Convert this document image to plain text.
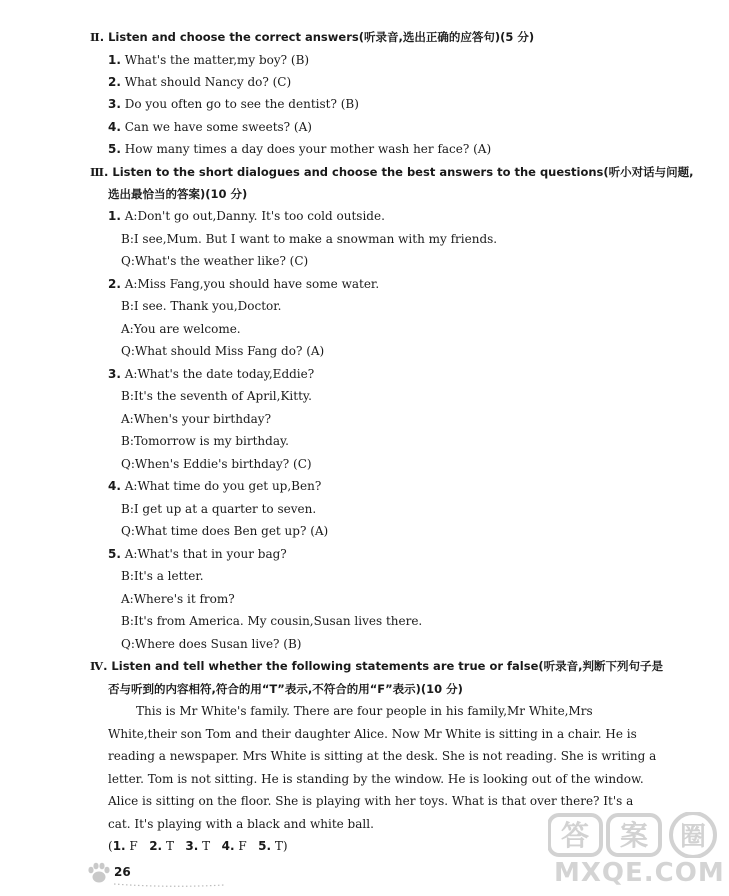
Ⅱ. Listen and choose the correct answers(听录音,选出正确的应答句)(5 分)
1. What's the matter,my boy? (B)
2. What should Nancy do? (C)
3. Do you often go to see the dentist? (B)
4. Can we have some sweets? (A)
5. How many times a day does your mother wash her face? (A)
Ⅲ. Listen to the short dialogues and choose the best answers to the questions(听小对话与问题,
选出最恰当的答案)(10 分)
1. A:Don't go out,Danny. It's too cold outside.
B:I see,Mum. But I want to make a snowman with my friends.
Q:What's the weather like? (C)
2. A:Miss Fang,you should have some water.
B:I see. Thank you,Doctor.
A:You are welcome.
Q:What should Miss Fang do? (A)
3. A:What's the date today,Eddie?
B:It's the seventh of April,Kitty.
A:When's your birthday?
B:Tomorrow is my birthday.
Q:When's Eddie's birthday? (C)
4. A:What time do you get up,Ben?
B:I get up at a quarter to seven.
Q:What time does Ben get up? (A)
5. A:What's that in your bag?
B:It's a letter.
A:Where's it from?
B:It's from America. My cousin,Susan lives there.
Q:Where does Susan live? (B)
Ⅳ. Listen and tell whether the following statements are true or false(听录音,判断下列句子是
否与听到的内容相符,符合的用“T”表示,不符合的用“F”表示)(10 分)
This is Mr White's family. There are four people in his family,Mr White,Mrs
White,their son Tom and their daughter Alice. Now Mr White is sitting in a chair. He is
reading a newspaper. Mrs White is sitting at the desk. She is not reading. She is writing a
letter. Tom is not sitting. He is standing by the window. He is looking out of the window.
Alice is sitting on the floor. She is playing with her toys. What is that over there? It's a
cat. It's playing with a black and white ball.
(1. F 2. T 3. T 4. F 5. T)
26
答 案 圈
MXQE.COM
